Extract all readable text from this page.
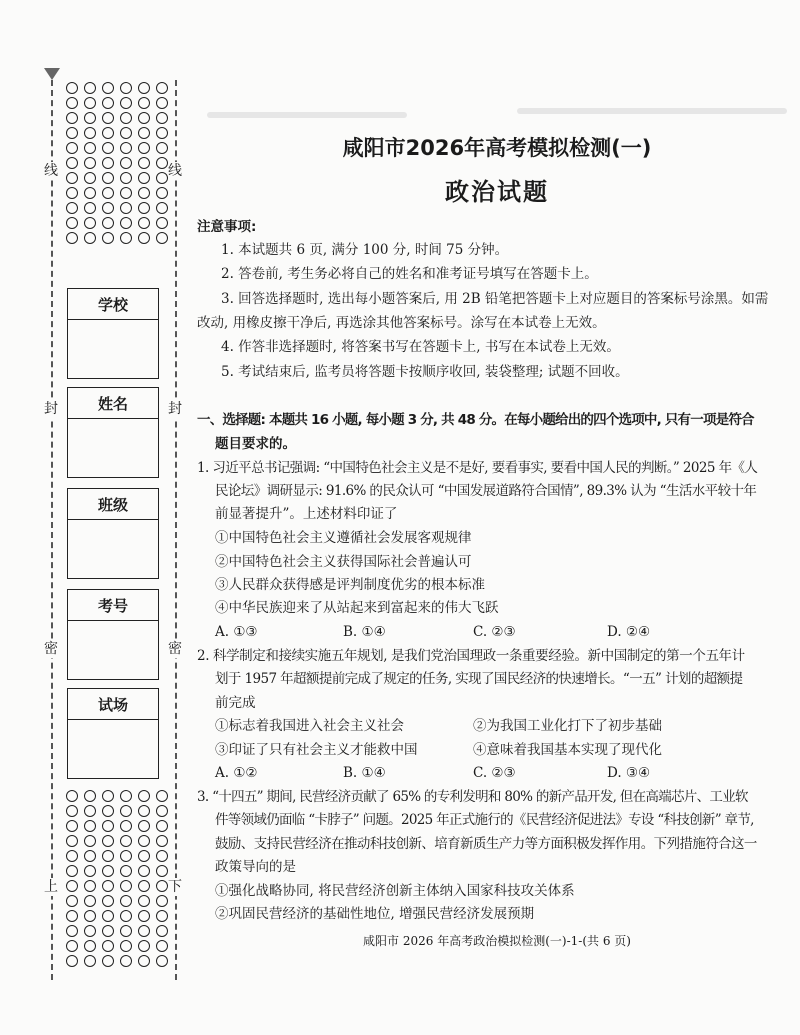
线
封
密
上
线
封
密
下
学校
姓名
班级
考号
试场
咸阳市2026年高考模拟检测(一)
政治试题
注意事项:
1. 本试题共 6 页, 满分 100 分, 时间 75 分钟。
2. 答卷前, 考生务必将自己的姓名和准考证号填写在答题卡上。
3. 回答选择题时, 选出每小题答案后, 用 2B 铅笔把答题卡上对应题目的答案标号涂黑。如需
改动, 用橡皮擦干净后, 再选涂其他答案标号。涂写在本试卷上无效。
4. 作答非选择题时, 将答案书写在答题卡上, 书写在本试卷上无效。
5. 考试结束后, 监考员将答题卡按顺序收回, 装袋整理; 试题不回收。
一、选择题: 本题共 16 小题, 每小题 3 分, 共 48 分。在每小题给出的四个选项中, 只有一项是符合
题目要求的。
1. 习近平总书记强调: “中国特色社会主义是不是好, 要看事实, 要看中国人民的判断。” 2025 年《人
民论坛》调研显示: 91.6% 的民众认可 “中国发展道路符合国情”, 89.3% 认为 “生活水平较十年
前显著提升”。上述材料印证了
①中国特色社会主义遵循社会发展客观规律
②中国特色社会主义获得国际社会普遍认可
③人民群众获得感是评判制度优劣的根本标准
④中华民族迎来了从站起来到富起来的伟大飞跃
A. ①③	B. ①④	C. ②③	D. ②④
2. 科学制定和接续实施五年规划, 是我们党治国理政一条重要经验。新中国制定的第一个五年计
划于 1957 年超额提前完成了规定的任务, 实现了国民经济的快速增长。“一五” 计划的超额提
前完成
①标志着我国进入社会主义社会	②为我国工业化打下了初步基础
③印证了只有社会主义才能救中国	④意味着我国基本实现了现代化
A. ①②	B. ①④	C. ②③	D. ③④
3. “十四五” 期间, 民营经济贡献了 65% 的专利发明和 80% 的新产品开发, 但在高端芯片、工业软
件等领域仍面临 “卡脖子” 问题。2025 年正式施行的《民营经济促进法》专设 “科技创新” 章节,
鼓励、支持民营经济在推动科技创新、培育新质生产力等方面积极发挥作用。下列措施符合这一
政策导向的是
①强化战略协同, 将民营经济创新主体纳入国家科技攻关体系
②巩固民营经济的基础性地位, 增强民营经济发展预期
咸阳市 2026 年高考政治模拟检测(一)-1-(共 6 页)
